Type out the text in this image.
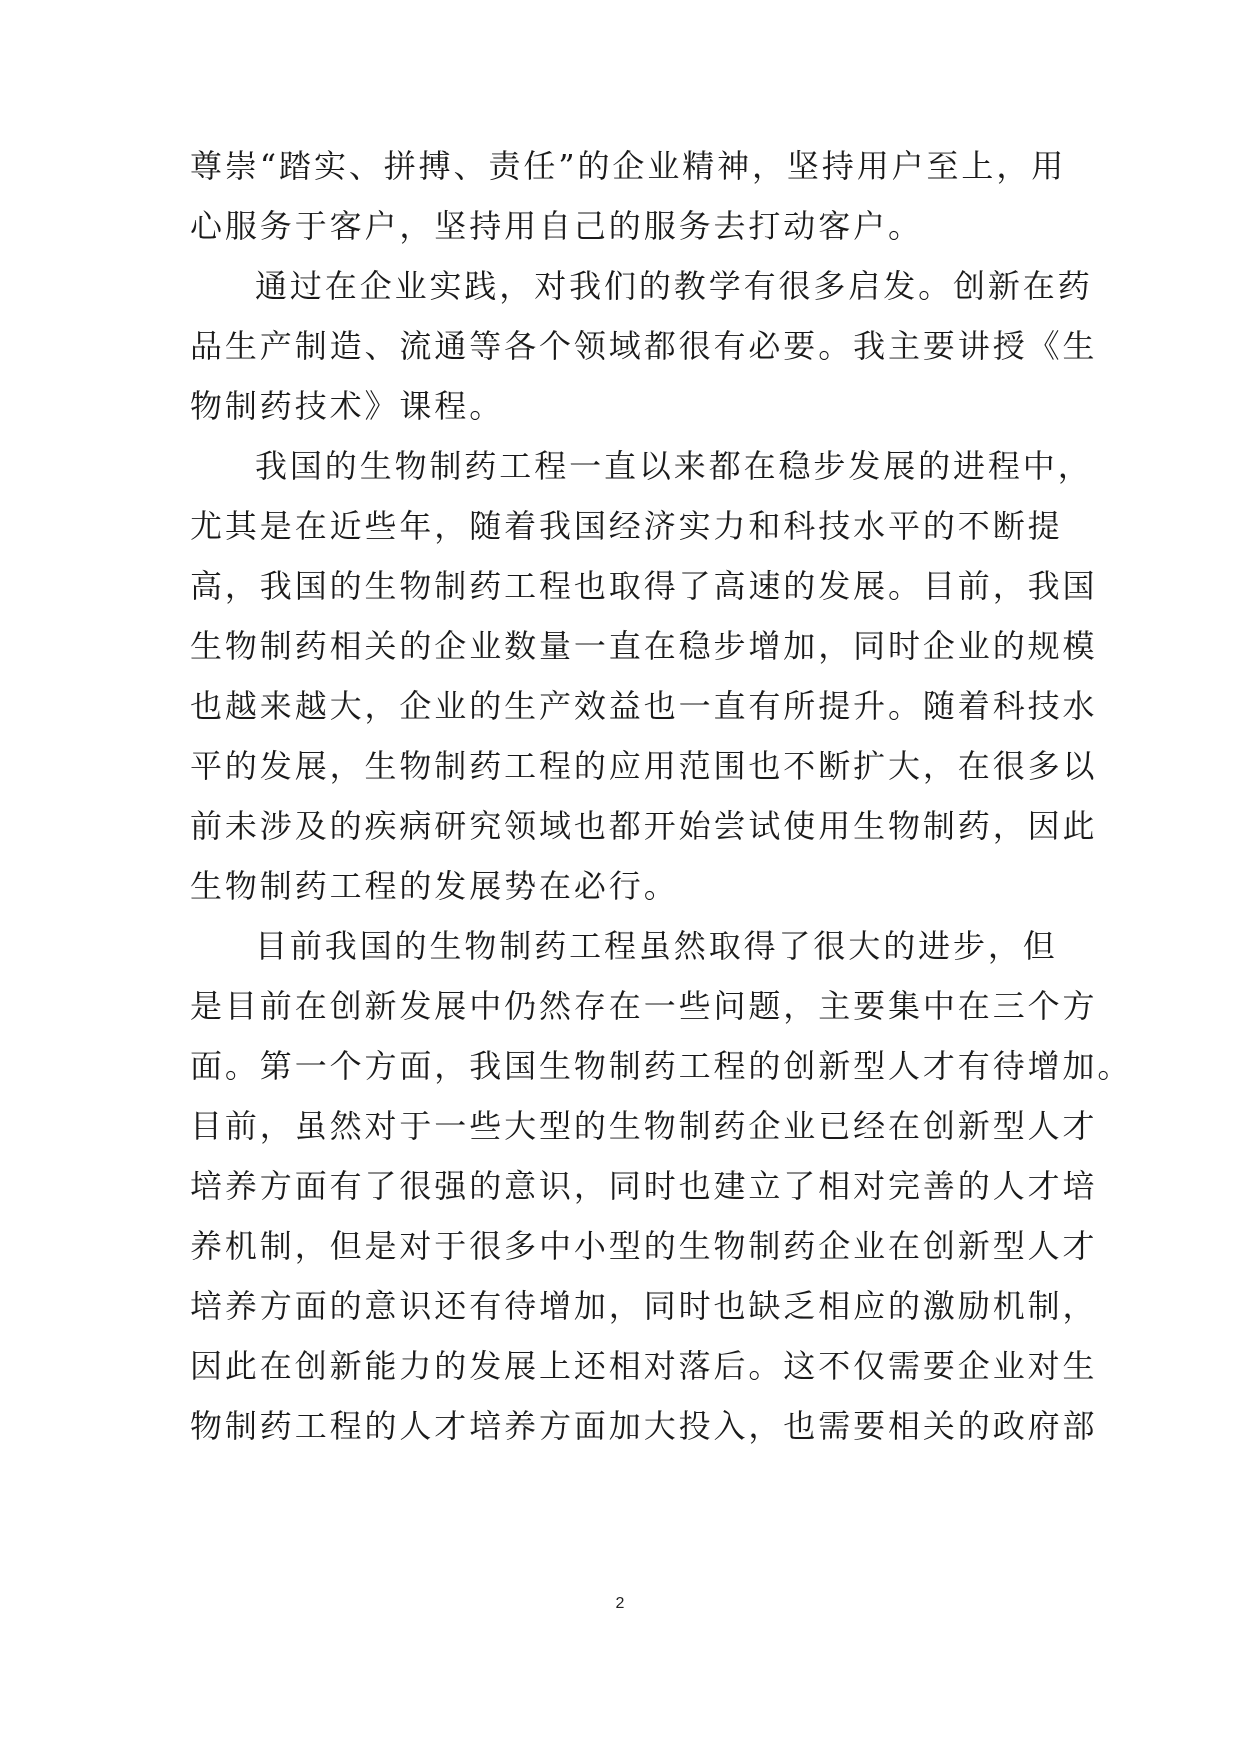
尊崇“踏实、拼搏、责任”的企业精神，坚持用户至上，用
心服务于客户，坚持用自己的服务去打动客户。
通过在企业实践，对我们的教学有很多启发。创新在药
品生产制造、流通等各个领域都很有必要。我主要讲授《生
物制药技术》课程。
我国的生物制药工程一直以来都在稳步发展的进程中，
尤其是在近些年，随着我国经济实力和科技水平的不断提
高，我国的生物制药工程也取得了高速的发展。目前，我国
生物制药相关的企业数量一直在稳步增加，同时企业的规模
也越来越大，企业的生产效益也一直有所提升。随着科技水
平的发展，生物制药工程的应用范围也不断扩大，在很多以
前未涉及的疾病研究领域也都开始尝试使用生物制药，因此
生物制药工程的发展势在必行。
目前我国的生物制药工程虽然取得了很大的进步，但
是目前在创新发展中仍然存在一些问题，主要集中在三个方
面。第一个方面，我国生物制药工程的创新型人才有待增加。
目前，虽然对于一些大型的生物制药企业已经在创新型人才
培养方面有了很强的意识，同时也建立了相对完善的人才培
养机制，但是对于很多中小型的生物制药企业在创新型人才
培养方面的意识还有待增加，同时也缺乏相应的激励机制，
因此在创新能力的发展上还相对落后。这不仅需要企业对生
物制药工程的人才培养方面加大投入，也需要相关的政府部
2
